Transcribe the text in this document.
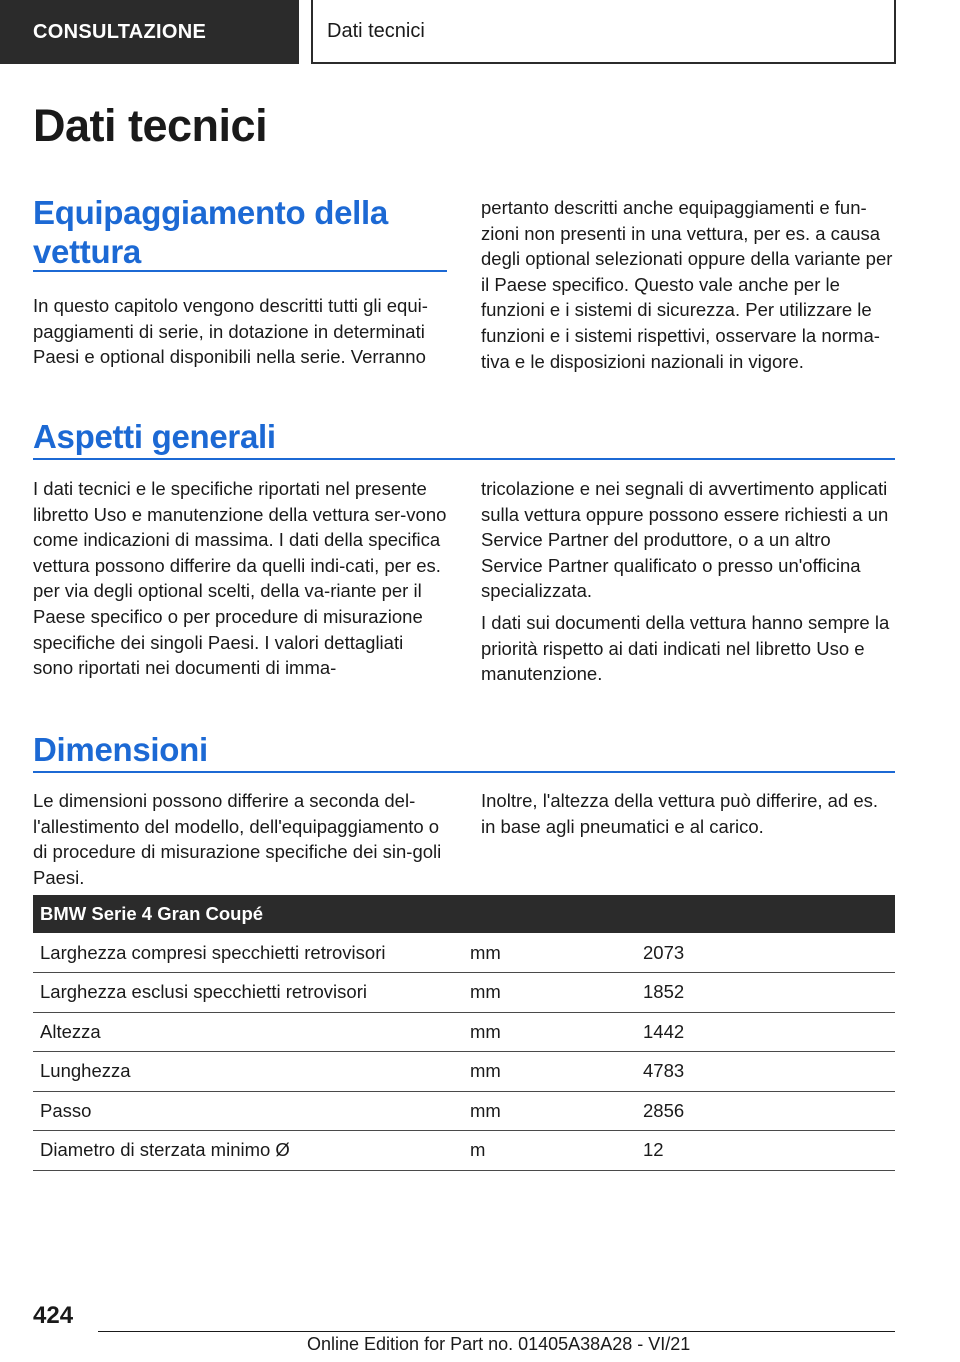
CONSULTAZIONE	Dati tecnici
Dati tecnici
Equipaggiamento della
vettura
In questo capitolo vengono descritti tutti gli equi-paggiamenti di serie, in dotazione in determinati Paesi e optional disponibili nella serie. Verranno
pertanto descritti anche equipaggiamenti e fun-zioni non presenti in una vettura, per es. a causa degli optional selezionati oppure della variante per il Paese specifico. Questo vale anche per le funzioni e i sistemi di sicurezza. Per utilizzare le funzioni e i sistemi rispettivi, osservare la norma-tiva e le disposizioni nazionali in vigore.
Aspetti generali
I dati tecnici e le specifiche riportati nel presente libretto Uso e manutenzione della vettura ser-vono come indicazioni di massima. I dati della specifica vettura possono differire da quelli indi-cati, per es. per via degli optional scelti, della va-riante per il Paese specifico o per procedure di misurazione specifiche dei singoli Paesi. I valori dettagliati sono riportati nei documenti di imma-

tricolazione e nei segnali di avvertimento applicati sulla vettura oppure possono essere richiesti a un Service Partner del produttore, o a un altro Service Partner qualificato o presso un'officina specializzata.

I dati sui documenti della vettura hanno sempre la priorità rispetto ai dati indicati nel libretto Uso e manutenzione.

Dimensioni
Le dimensioni possono differire a seconda del-l'allestimento del modello, dell'equipaggiamento o di procedure di misurazione specifiche dei sin-goli Paesi.
Inoltre, l'altezza della vettura può differire, ad es. in base agli pneumatici e al carico.
BMW Serie 4 Gran Coupé		
Larghezza compresi specchietti retrovisori	mm	2073
Larghezza esclusi specchietti retrovisori	mm	1852
Altezza	mm	1442
Lunghezza	mm	4783
Passo	mm	2856
Diametro di sterzata minimo Ø	m	12
424
Online Edition for Part no. 01405A38A28 - VI/21
